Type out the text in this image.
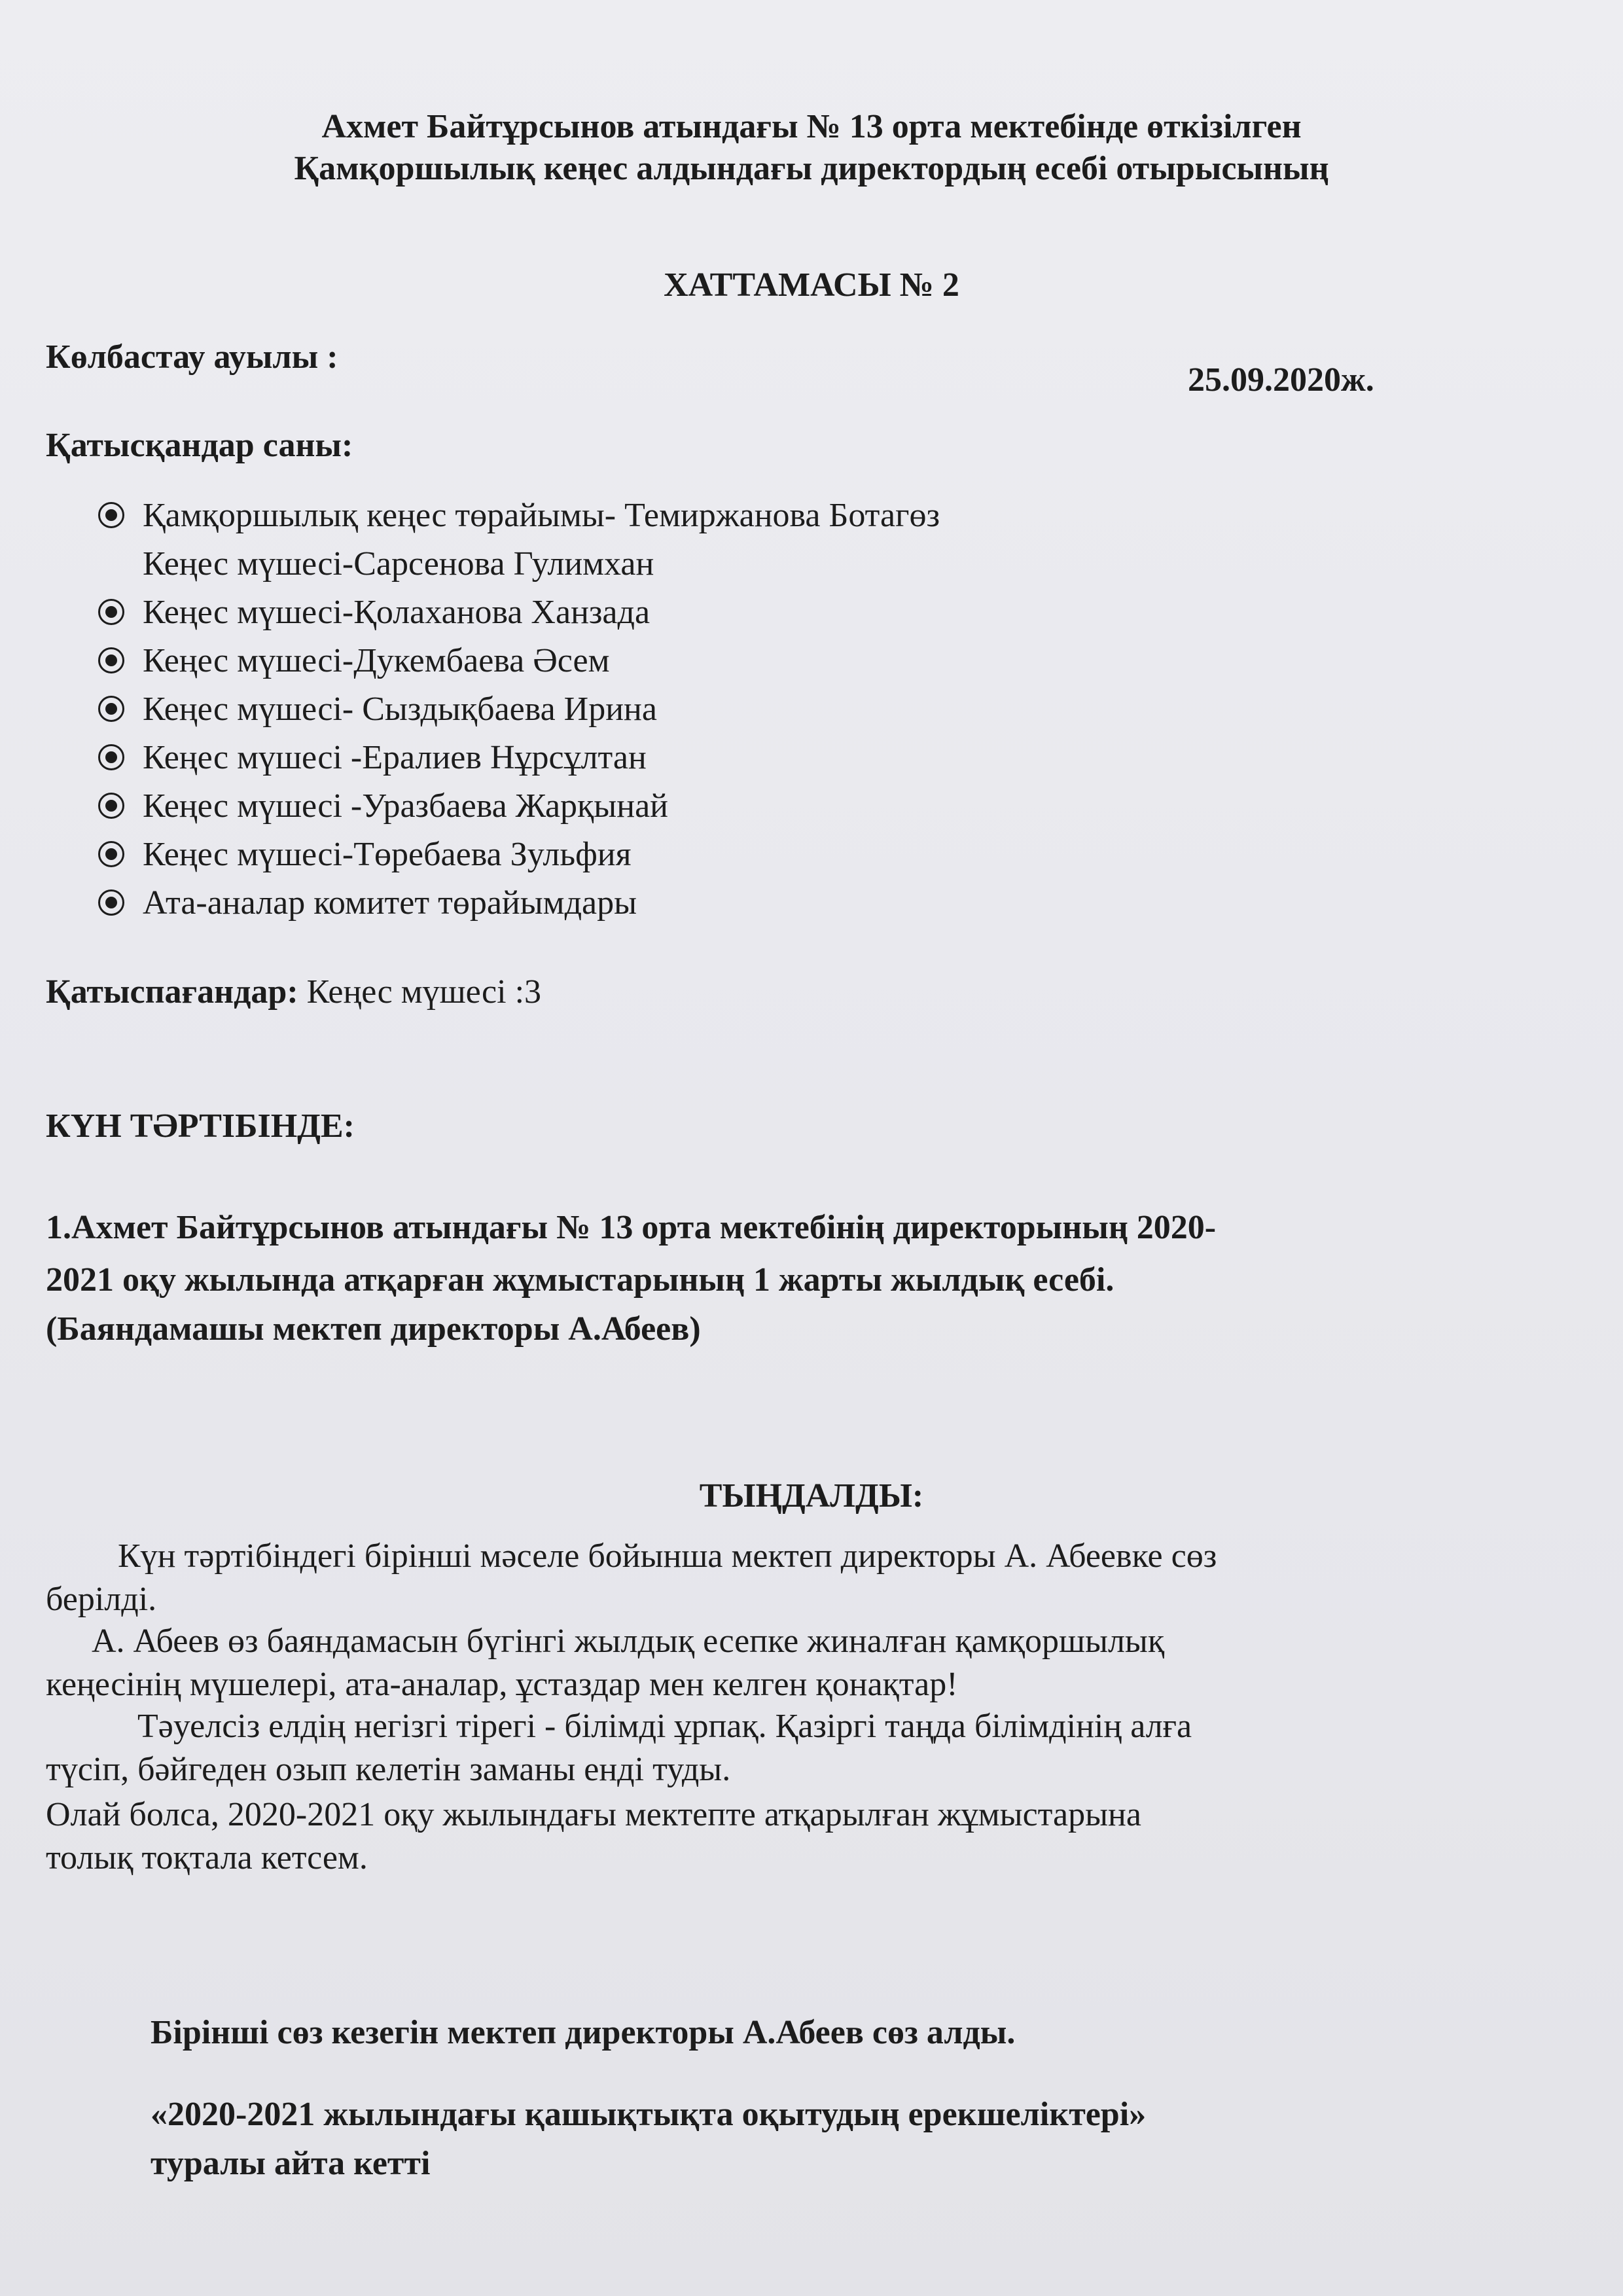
Ахмет Байтұрсынов атындағы № 13 орта мектебінде өткізілген
Қамқоршылық кеңес алдындағы директордың есебі отырысының
ХАТТАМАСЫ № 2
Көлбастау ауылы :
25.09.2020ж.
Қатысқандар саны:
Қамқоршылық кеңес төрайымы- Темиржанова Ботагөз
Кеңес мүшесі-Сарсенова Гулимхан
Кеңес мүшесі-Қолаханова Ханзада
Кеңес мүшесі-Дукембаева Әсем
Кеңес мүшесі- Сыздықбаева Ирина
Кеңес мүшесі -Ералиев Нұрсұлтан
Кеңес мүшесі -Уразбаева Жарқынай
Кеңес мүшесі-Төребаева Зульфия
Ата-аналар комитет төрайымдары
Қатыспағандар: Кеңес мүшесі :3
КҮН ТӘРТІБІНДЕ:
1.Ахмет Байтұрсынов атындағы № 13 орта мектебінің директорының 2020-
2021 оқу жылында атқарған жұмыстарының 1 жарты жылдық есебі.
(Баяндамашы мектеп директоры А.Абеев)
ТЫҢДАЛДЫ:
Күн тәртібіндегі бірінші мәселе бойынша мектеп директоры А. Абеевке сөз
берілді.
А. Абеев өз баяндамасын бүгінгі жылдық есепке жиналған қамқоршылық
кеңесінің мүшелері, ата-аналар, ұстаздар мен келген қонақтар!
Тәуелсіз елдің негізгі тірегі - білімді ұрпақ. Қазіргі таңда білімдінің алға
түсіп, бәйгеден озып келетін заманы енді туды.
Олай болса, 2020-2021 оқу жылындағы мектепте атқарылған жұмыстарына
толық тоқтала кетсем.
Бірінші сөз кезегін мектеп директоры А.Абеев сөз алды.
«2020-2021 жылындағы қашықтықта оқытудың ерекшеліктері»
туралы айта кетті
